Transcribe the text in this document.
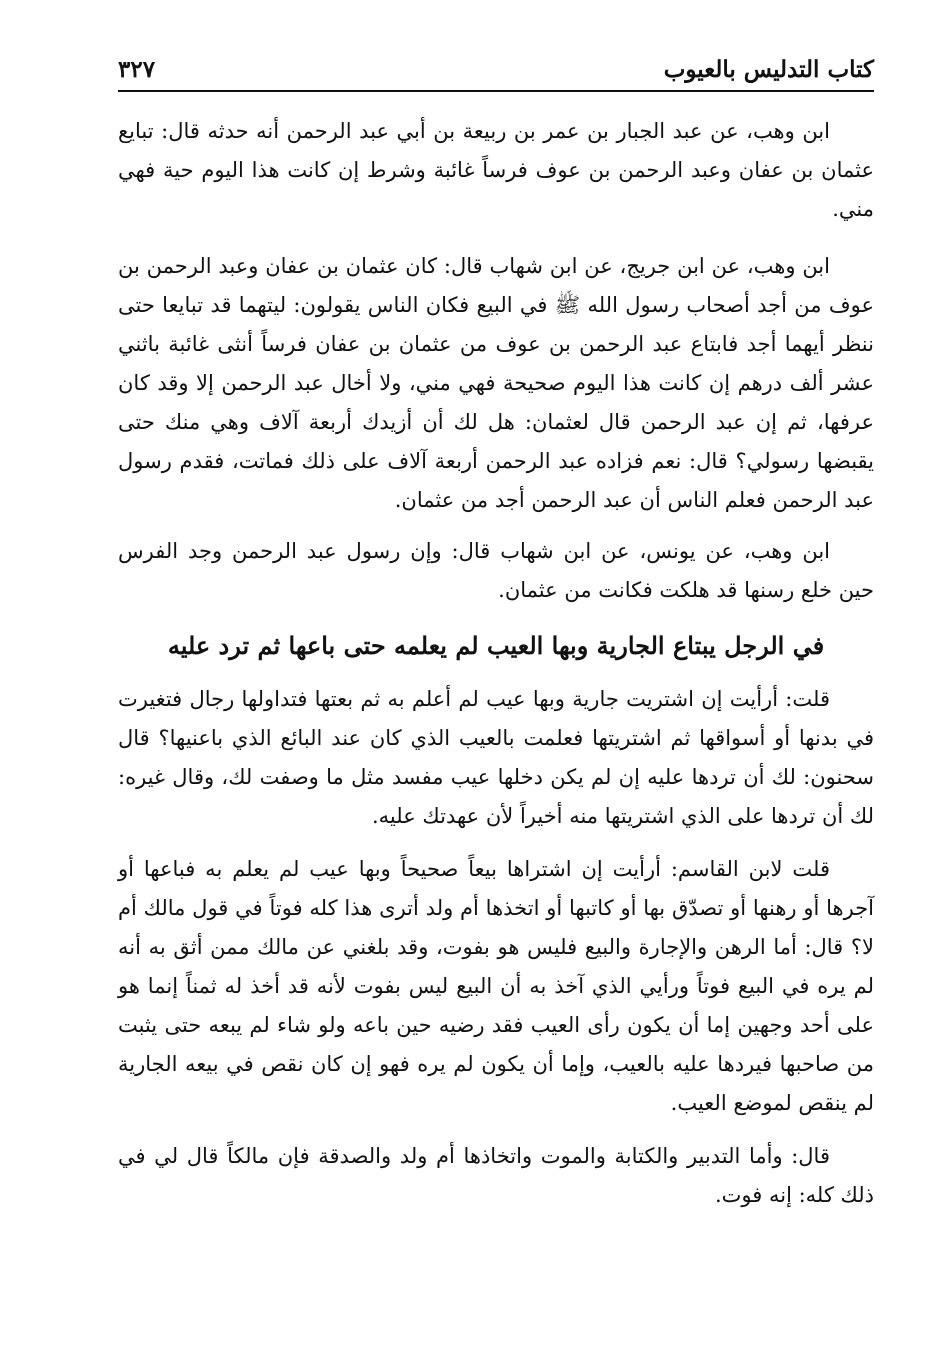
كتاب التدليس بالعيوب
٣٢٧

ابن وهب، عن عبد الجبار بن عمر بن ربيعة بن أبي عبد الرحمن أنه حدثه قال: تبايع عثمان بن عفان وعبد الرحمن بن عوف فرساً غائبة وشرط إن كانت هذا اليوم حية فهي مني.

ابن وهب، عن ابن جريج، عن ابن شهاب قال: كان عثمان بن عفان وعبد الرحمن بن عوف من أجد أصحاب رسول الله ﷺ في البيع فكان الناس يقولون: ليتهما قد تبايعا حتى ننظر أيهما أجد فابتاع عبد الرحمن بن عوف من عثمان بن عفان فرساً أنثى غائبة باثني عشر ألف درهم إن كانت هذا اليوم صحيحة فهي مني، ولا أخال عبد الرحمن إلا وقد كان عرفها، ثم إن عبد الرحمن قال لعثمان: هل لك أن أزيدك أربعة آلاف وهي منك حتى يقبضها رسولي؟ قال: نعم فزاده عبد الرحمن أربعة آلاف على ذلك فماتت، فقدم رسول عبد الرحمن فعلم الناس أن عبد الرحمن أجد من عثمان.

ابن وهب، عن يونس، عن ابن شهاب قال: وإن رسول عبد الرحمن وجد الفرس حين خلع رسنها قد هلكت فكانت من عثمان.

في الرجل يبتاع الجارية وبها العيب لم يعلمه حتى باعها ثم ترد عليه

قلت: أرأيت إن اشتريت جارية وبها عيب لم أعلم به ثم بعتها فتداولها رجال فتغيرت في بدنها أو أسواقها ثم اشتريتها فعلمت بالعيب الذي كان عند البائع الذي باعنيها؟ قال سحنون: لك أن تردها عليه إن لم يكن دخلها عيب مفسد مثل ما وصفت لك، وقال غيره: لك أن تردها على الذي اشتريتها منه أخيراً لأن عهدتك عليه.

قلت لابن القاسم: أرأيت إن اشتراها بيعاً صحيحاً وبها عيب لم يعلم به فباعها أو آجرها أو رهنها أو تصدّق بها أو كاتبها أو اتخذها أم ولد أترى هذا كله فوتاً في قول مالك أم لا؟ قال: أما الرهن والإجارة والبيع فليس هو بفوت، وقد بلغني عن مالك ممن أثق به أنه لم يره في البيع فوتاً ورأيي الذي آخذ به أن البيع ليس بفوت لأنه قد أخذ له ثمناً إنما هو على أحد وجهين إما أن يكون رأى العيب فقد رضيه حين باعه ولو شاء لم يبعه حتى يثبت من صاحبها فيردها عليه بالعيب، وإما أن يكون لم يره فهو إن كان نقص في بيعه الجارية لم ينقص لموضع العيب.

قال: وأما التدبير والكتابة والموت واتخاذها أم ولد والصدقة فإن مالكاً قال لي في ذلك كله: إنه فوت.
